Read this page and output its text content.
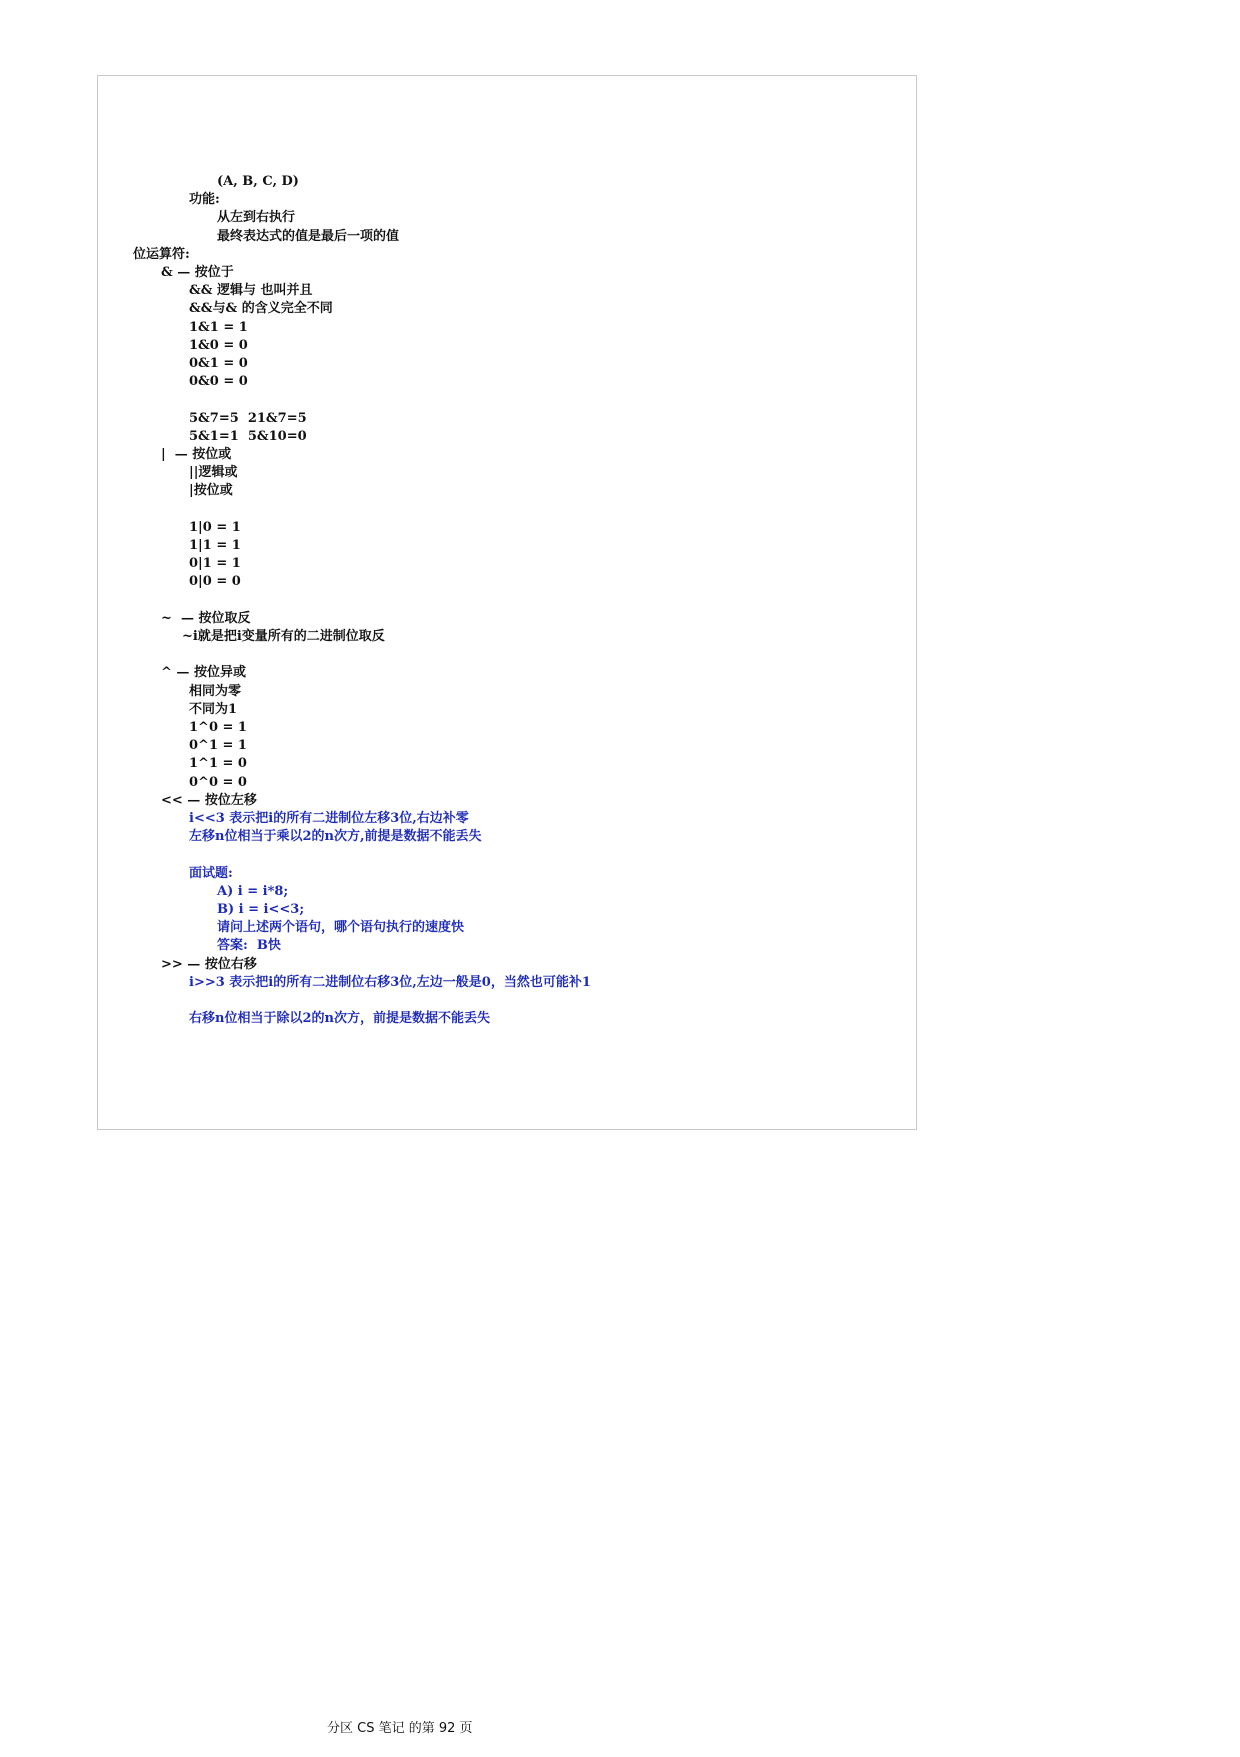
(A, B, C, D)
功能:
从左到右执行
最终表达式的值是最后一项的值
位运算符:
& — 按位于
&& 逻辑与 也叫并且
&&与& 的含义完全不同
1&1 = 1
1&0 = 0
0&1 = 0
0&0 = 0
5&7=5  21&7=5
5&1=1  5&10=0
|  — 按位或
||逻辑或
|按位或
1|0 = 1
1|1 = 1
0|1 = 1
0|0 = 0
~  — 按位取反
~i就是把i变量所有的二进制位取反
^ — 按位异或
相同为零
不同为1
1^0 = 1
0^1 = 1
1^1 = 0
0^0 = 0
<< — 按位左移
i<<3 表示把i的所有二进制位左移3位,右边补零
左移n位相当于乘以2的n次方,前提是数据不能丢失
面试题:
A) i = i*8;
B) i = i<<3;
请问上述两个语句，哪个语句执行的速度快
答案:  B快
>> — 按位右移
i>>3 表示把i的所有二进制位右移3位,左边一般是0，当然也可能补1
右移n位相当于除以2的n次方，前提是数据不能丢失
分区 CS 笔记 的第 92 页
